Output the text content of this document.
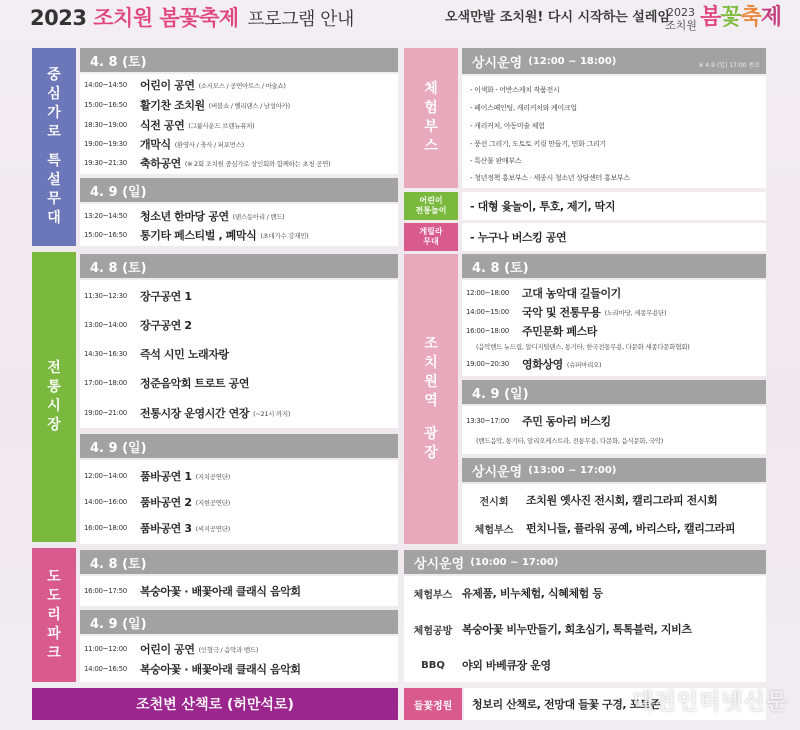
2023 조치원 봄꽃축제 프로그램 안내	오색만발 조치원! 다시 시작하는 설레임
2023
조치원 봄꽃축제
중
심
가
로
특
설
무
대
4. 8 (토)
14:00~14:50	어린이 공연 (소시모스 / 공연아트스 / 마술쇼)
15:00~16:50	활기찬 조치원 (버블쇼 / 벨리댄스 / 남성아카)
18:30~19:00	식전 공연 (그룹사운드 브랜뉴퓨처)
19:00~19:30	개막식 (환영사 / 축사 / 퍼포먼스)
19:30~21:30	축하공연 (※ 2회 조치원 중심가로 상인회와 함께하는 초청 공연)
4. 9 (일)
13:20~14:50	청소년 한마당 공연 (댄스동아리 / 밴드)
15:00~16:50	통기타 페스티벌 , 폐막식 (초대가수 강재민)
전
통
시
장
4. 8 (토)
11:30~12:30	장구공연 1
13:00~14:00	장구공연 2
14:30~16:30	즉석 시민 노래자랑
17:00~18:00	정준음악회 트로트 공연
19:00~21:00	전통시장 운영시간 연장 (~21시 까지)
4. 9 (일)
12:00~14:00	품바공연 1 (지치공연단)
14:00~16:00	품바공연 2 (지현공연단)
16:00~18:00	품바공연 3 (씨지공연단)
도
도
리
파
크
4. 8 (토)
16:00~17:50	복숭아꽃 · 배꽃아래 클래식 음악회
4. 9 (일)
11:00~12:00	어린이 공연 (인형극 / 음악과 밴드)
14:00~16:50	복숭아꽃 · 배꽃아래 클래식 음악회
조천변 산책로 (허만석로)
체
험
부
스
상시운영 (12:00 ~ 18:00)	※ 4.9 (일) 17:00 종료
- 이색화 · 어반스케치 작품전시
- 페이스페인팅, 캐리커처와 케이크업
- 캐리커처, 아동미술 체험
- 풍선 그리기, 도토토 키링 만들기, 민화 그리기
- 특산물 판매부스
- 청년정책 홍보부스 · 세종시 청소년 상담센터 홍보부스
어린이
전통놀이 - 대형 윷놀이, 투호, 제기, 딱지
게릴라
무대	- 누구나 버스킹 공연
조
치
원
역
광
장
4. 8 (토)
12:00~18:00	고대 농악대 길들이기
14:00~15:00	국악 및 전통무용 (노리마당, 세종무용단)
16:00~18:00	주민문화 페스타
(음악밴드 뉴드림, 알디지털댄스, 통기타, 한국전통무용, 다문화 세종다문화협회)
19:00~20:30	영화상영 (슈퍼마리오)
4. 9 (일)
13:30~17:00	주민 동아리 버스킹
(밴드음악, 통기타, 알리오케스트라, 전통무용, 다문화, 음식문화, 국악)
상시운영 (13:00 ~ 17:00)
전시회	조치원 옛사진 전시회, 캘리그라피 전시회
체험부스	펀치니들, 플라워 공예, 바리스타, 캘리그라피
상시운영 (10:00 ~ 17:00)
체험부스 유제품, 비누체험, 식혜체험 등
체험공방 복숭아꽃 비누만들기, 회초심기, 톡톡블럭, 지비츠
BBQ	야외 바베큐장 운영
들꽃정원	청보리 산책로, 전망대 들꽃 구경, 포토존
대전인터넷신문
